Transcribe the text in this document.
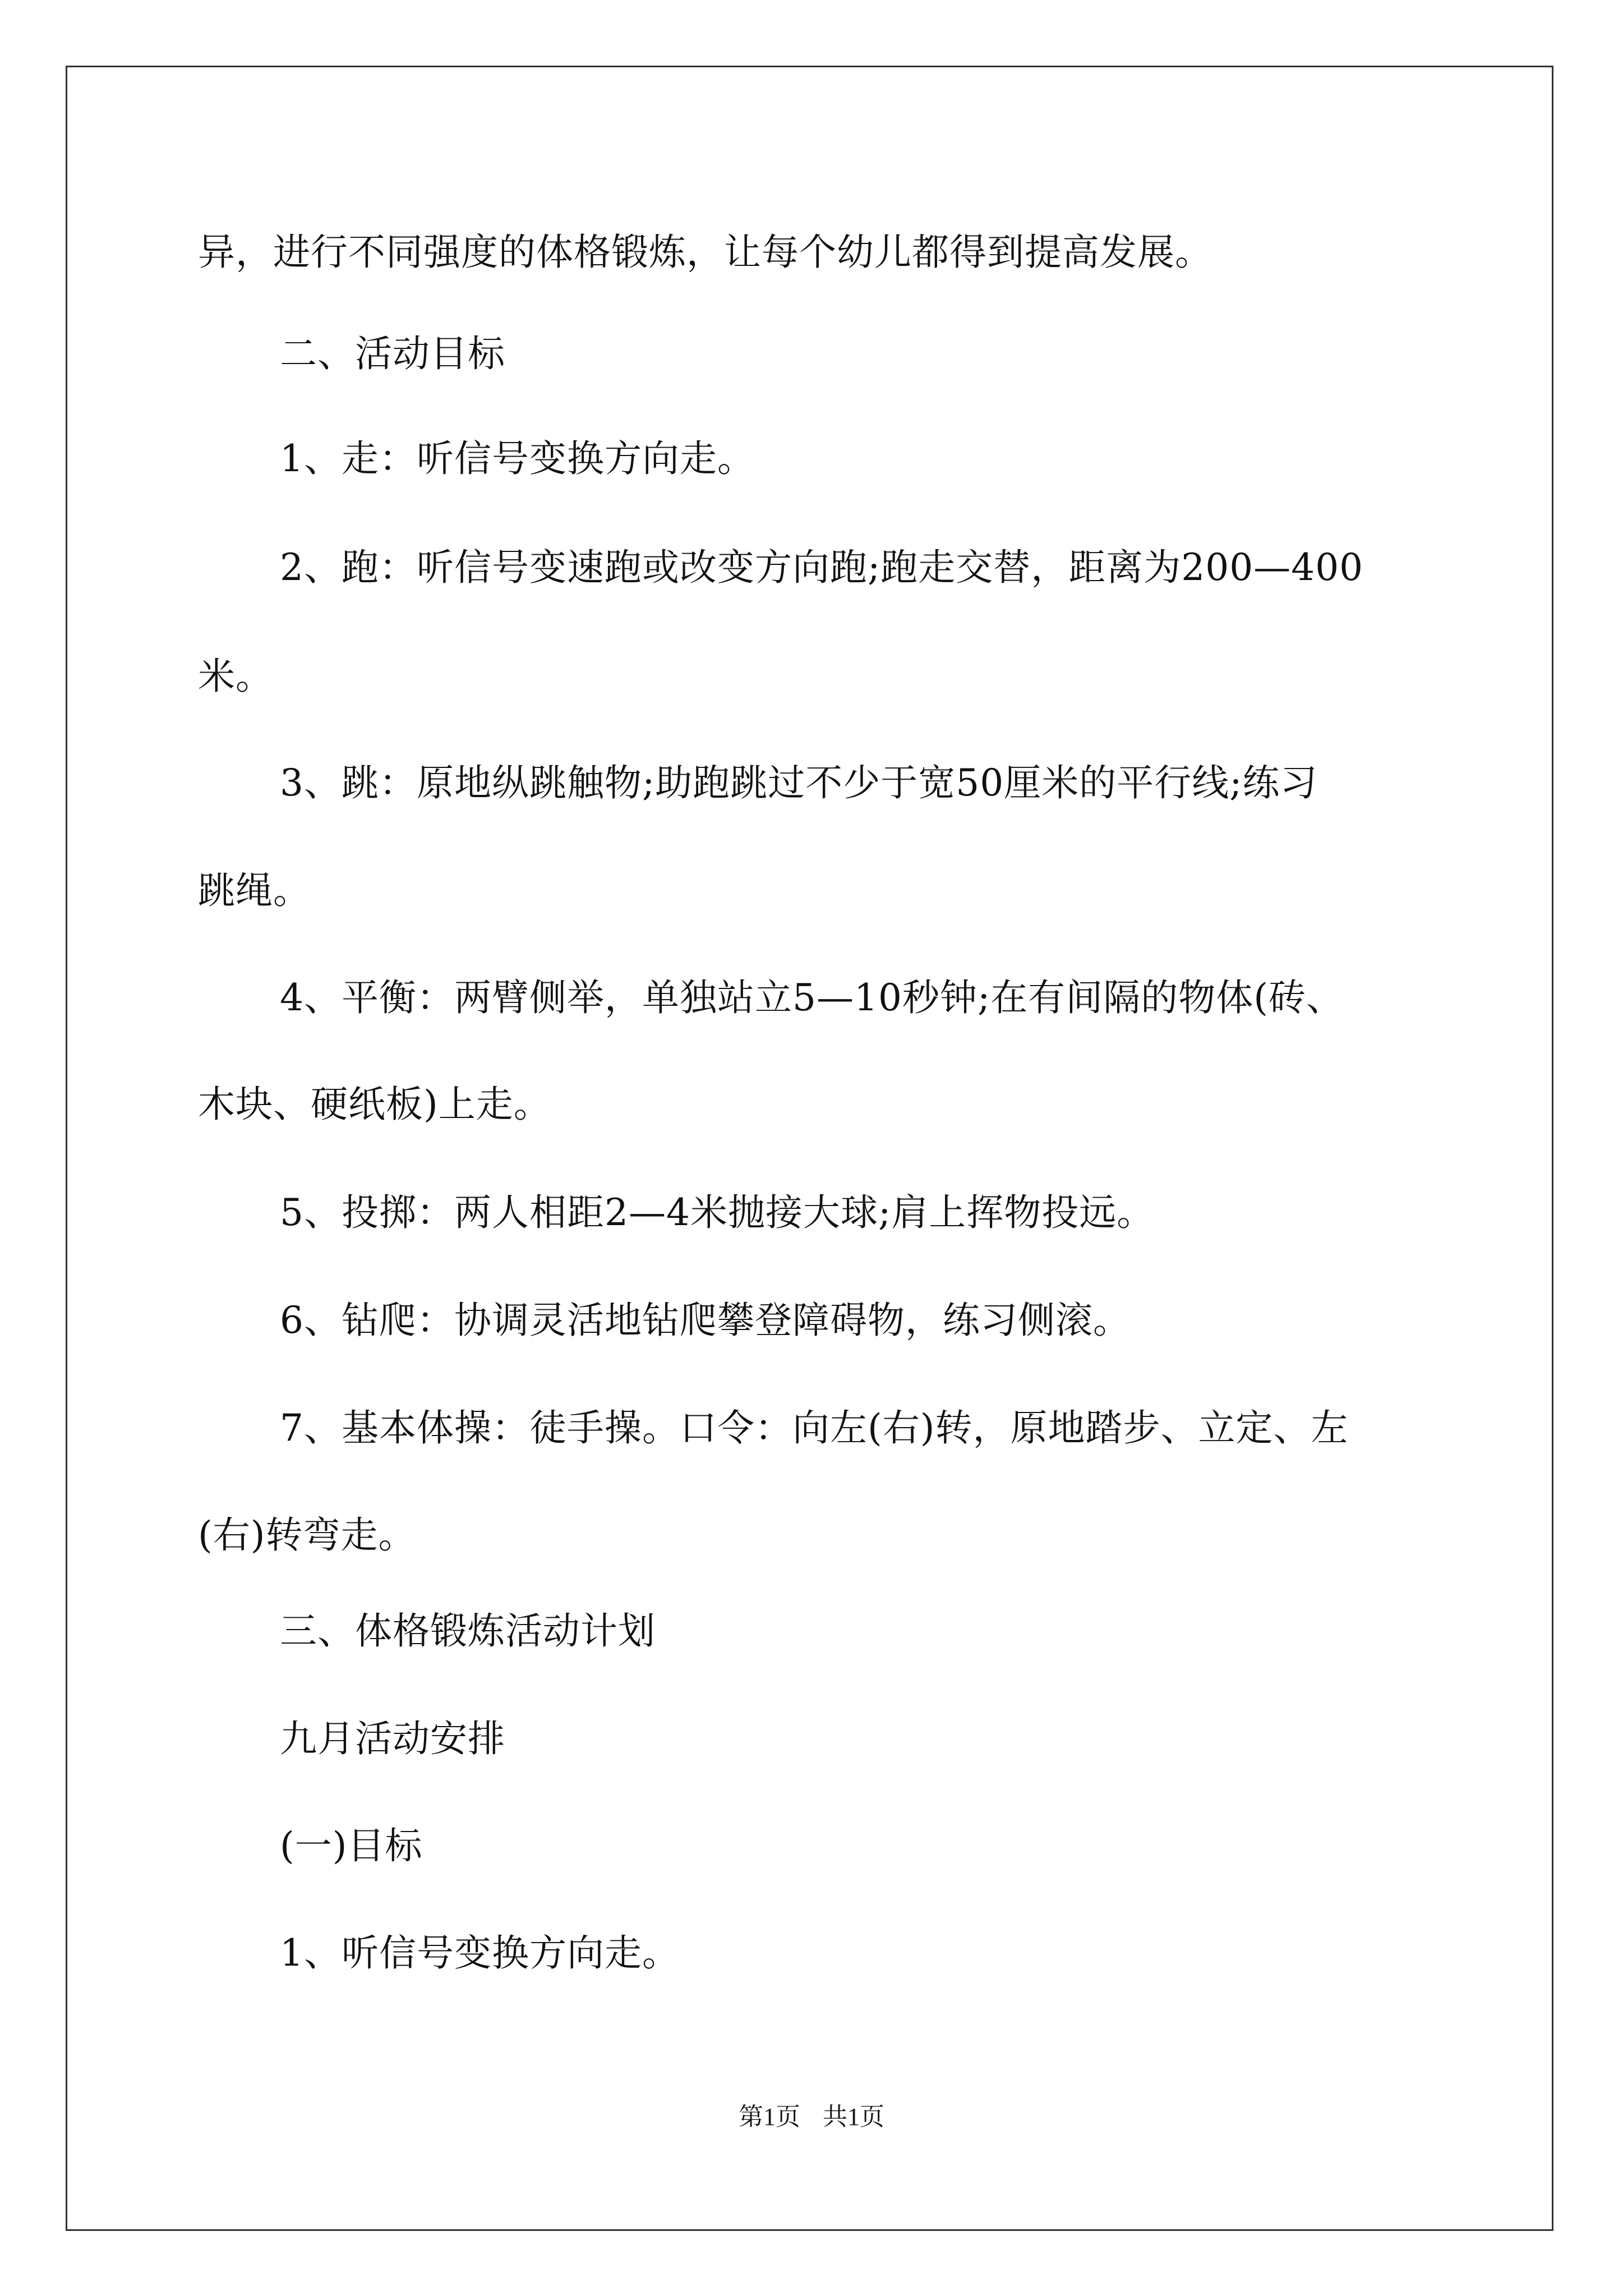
异，进行不同强度的体格锻炼，让每个幼儿都得到提高发展。
二、活动目标
1、走：听信号变换方向走。
2、跑：听信号变速跑或改变方向跑;跑走交替，距离为200—400
米。
3、跳：原地纵跳触物;助跑跳过不少于宽50厘米的平行线;练习
跳绳。
4、平衡：两臂侧举，单独站立5—10秒钟;在有间隔的物体(砖、
木块、硬纸板)上走。
5、投掷：两人相距2—4米抛接大球;肩上挥物投远。
6、钻爬：协调灵活地钻爬攀登障碍物，练习侧滚。
7、基本体操：徒手操。口令：向左(右)转，原地踏步、立定、左
(右)转弯走。
三、体格锻炼活动计划
九月活动安排
(一)目标
1、听信号变换方向走。
第1页 共1页
